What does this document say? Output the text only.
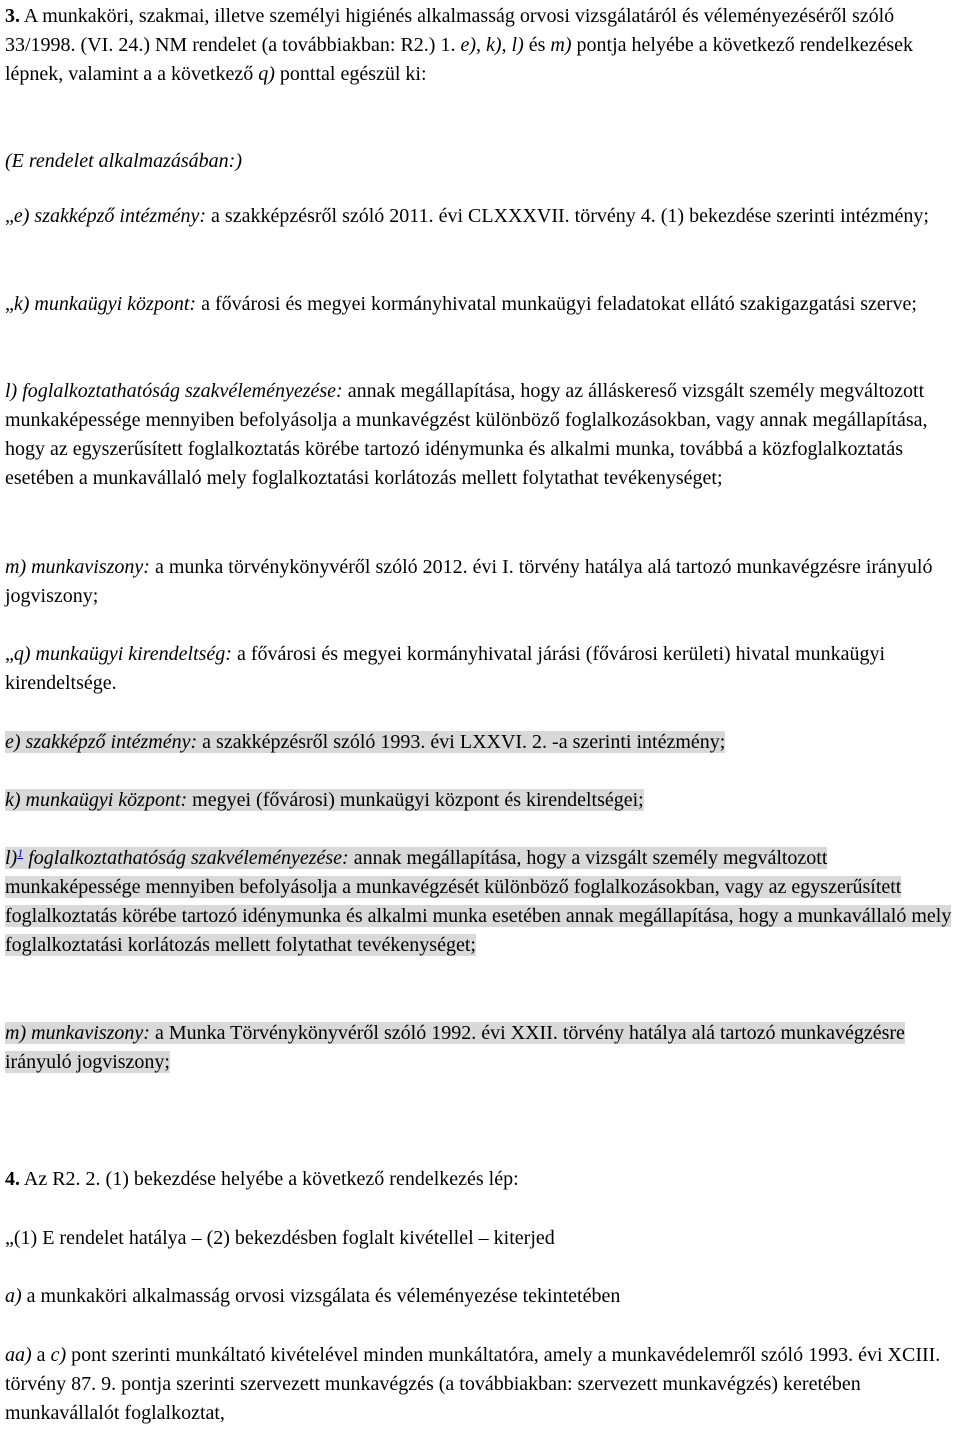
3. A munkaköri, szakmai, illetve személyi higiénés alkalmasság orvosi vizsgálatáról és véleményezéséről szóló 33/1998. (VI. 24.) NM rendelet (a továbbiakban: R2.) 1. e), k), l) és m) pontja helyébe a következő rendelkezések lépnek, valamint a a következő q) ponttal egészül ki:

(E rendelet alkalmazásában:)

„e) szakképző intézmény: a szakképzésről szóló 2011. évi CLXXXVII. törvény 4. (1) bekezdése szerinti intézmény;

„k) munkaügyi központ: a fővárosi és megyei kormányhivatal munkaügyi feladatokat ellátó szakigazgatási szerve;

l) foglalkoztathatóság szakvéleményezése: annak megállapítása, hogy az álláskereső vizsgált személy megváltozott munkaképessége mennyiben befolyásolja a munkavégzést különböző foglalkozásokban, vagy annak megállapítása, hogy az egyszerűsített foglalkoztatás körébe tartozó idénymunka és alkalmi munka, továbbá a közfoglalkoztatás esetében a munkavállaló mely foglalkoztatási korlátozás mellett folytathat tevékenységet;

m) munkaviszony: a munka törvénykönyvéről szóló 2012. évi I. törvény hatálya alá tartozó munkavégzésre irányuló jogviszony;

„q) munkaügyi kirendeltség: a fővárosi és megyei kormányhivatal járási (fővárosi kerületi) hivatal munkaügyi kirendeltsége.

e) szakképző intézmény: a szakképzésről szóló 1993. évi LXXVI. 2. -a szerinti intézmény;

k) munkaügyi központ: megyei (fővárosi) munkaügyi központ és kirendeltségei;

l)$^1$ foglalkoztathatóság szakvéleményezése: annak megállapítása, hogy a vizsgált személy megváltozott munkaképessége mennyiben befolyásolja a munkavégzését különböző foglalkozásokban, vagy az egyszerűsített foglalkoztatás körébe tartozó idénymunka és alkalmi munka esetében annak megállapítása, hogy a munkavállaló mely foglalkoztatási korlátozás mellett folytathat tevékenységet;

m) munkaviszony: a Munka Törvénykönyvéről szóló 1992. évi XXII. törvény hatálya alá tartozó munkavégzésre irányuló jogviszony;

4. Az R2. 2. (1) bekezdése helyébe a következő rendelkezés lép:

„(1) E rendelet hatálya – (2) bekezdésben foglalt kivétellel – kiterjed

a) a munkaköri alkalmasság orvosi vizsgálata és véleményezése tekintetében

aa) a c) pont szerinti munkáltató kivételével minden munkáltatóra, amely a munkavédelemről szóló 1993. évi XCIII. törvény 87. 9. pontja szerinti szervezett munkavégzés (a továbbiakban: szervezett munkavégzés) keretében munkavállalót foglalkoztat,
